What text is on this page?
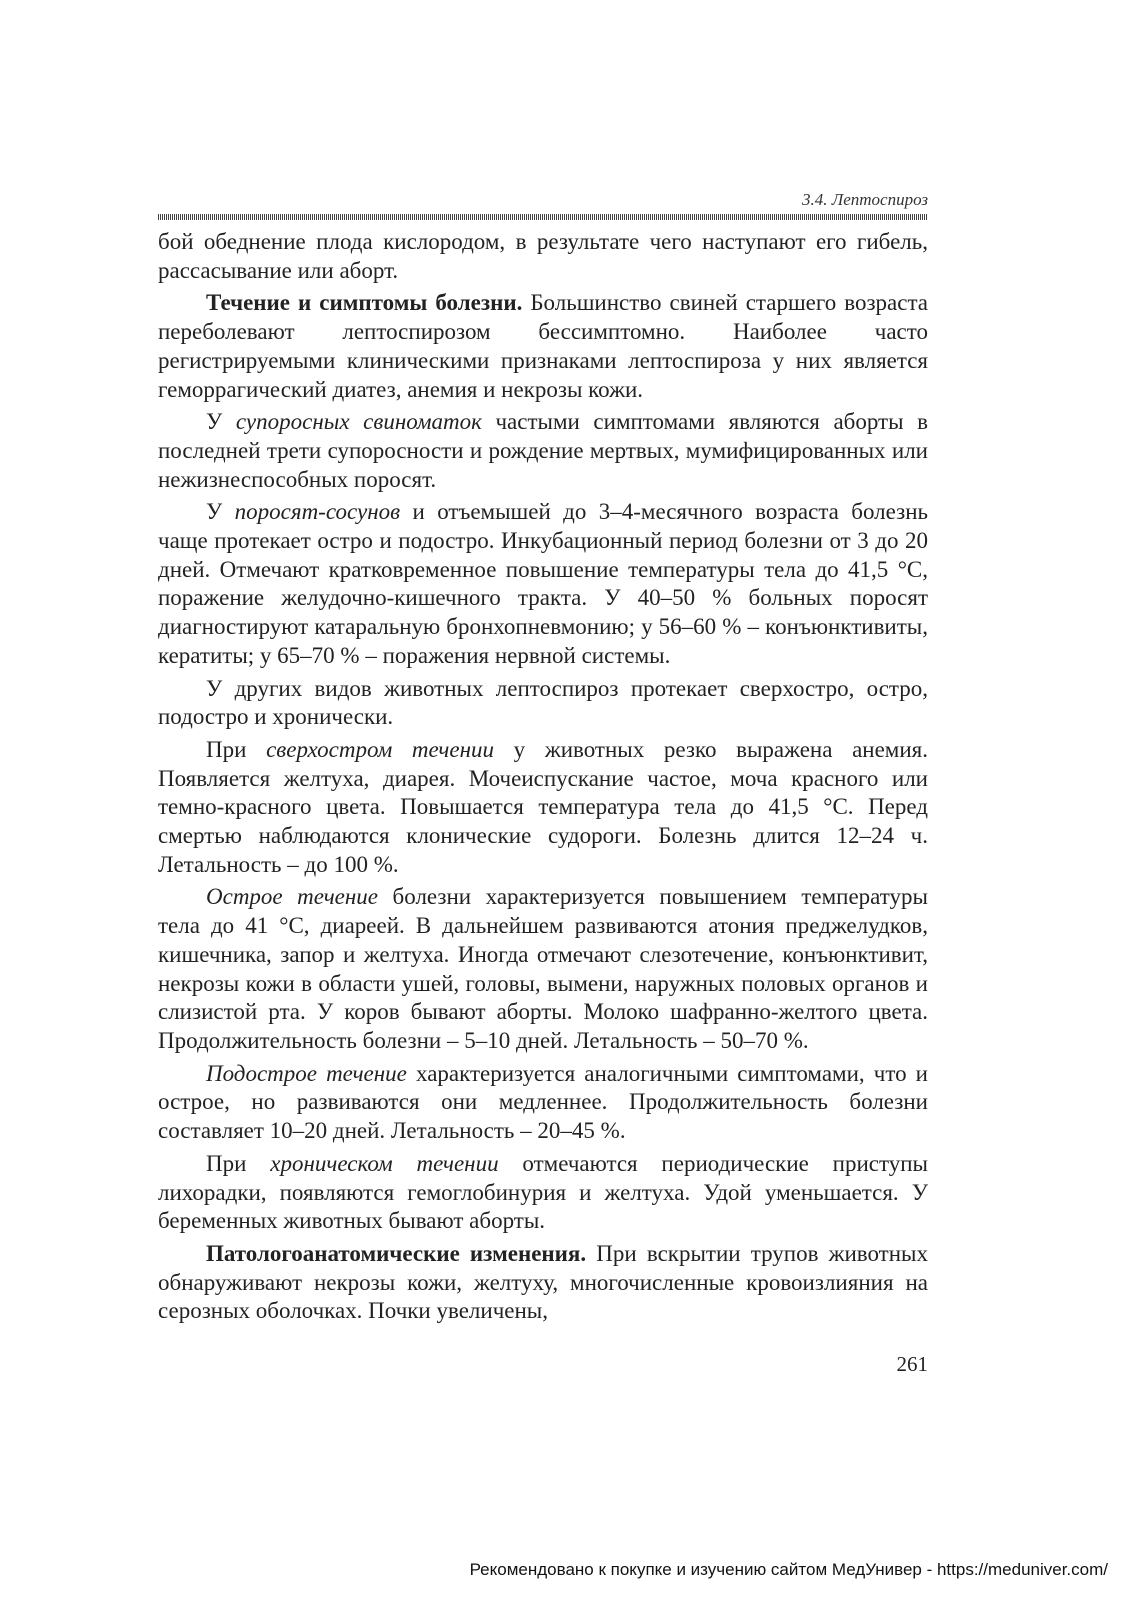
3.4. Лептоспироз

бой обеднение плода кислородом, в результате чего наступают его гибель, рассасывание или аборт.

Течение и симптомы болезни. Большинство свиней старшего возраста переболевают лептоспирозом бессимптомно. Наиболее часто регистрируемыми клиническими признаками лептоспироза у них является геморрагический диатез, анемия и некрозы кожи.

У супоросных свиноматок частыми симптомами являются аборты в последней трети супоросности и рождение мертвых, мумифицированных или нежизнеспособных поросят.

У поросят-сосунов и отъемышей до 3–4-месячного возраста болезнь чаще протекает остро и подостро. Инкубационный период болезни от 3 до 20 дней. Отмечают кратковременное повышение температуры тела до 41,5 °С, поражение желудочно-кишечного тракта. У 40–50 % больных поросят диагностируют катаральную бронхопневмонию; у 56–60 % – конъюнктивиты, кератиты; у 65–70 % – поражения нервной системы.

У других видов животных лептоспироз протекает сверхостро, остро, подостро и хронически.

При сверхостром течении у животных резко выражена анемия. Появляется желтуха, диарея. Мочеиспускание частое, моча красного или темно-красного цвета. Повышается температура тела до 41,5 °С. Перед смертью наблюдаются клонические судороги. Болезнь длится 12–24 ч. Летальность – до 100 %.

Острое течение болезни характеризуется повышением температуры тела до 41 °С, диареей. В дальнейшем развиваются атония преджелудков, кишечника, запор и желтуха. Иногда отмечают слезотечение, конъюнктивит, некрозы кожи в области ушей, головы, вымени, наружных половых органов и слизистой рта. У коров бывают аборты. Молоко шафранно-желтого цвета. Продолжительность болезни – 5–10 дней. Летальность – 50–70 %.

Подострое течение характеризуется аналогичными симптомами, что и острое, но развиваются они медленнее. Продолжительность болезни составляет 10–20 дней. Летальность – 20–45 %.

При хроническом течении отмечаются периодические приступы лихорадки, появляются гемоглобинурия и желтуха. Удой уменьшается. У беременных животных бывают аборты.

Патологоанатомические изменения. При вскрытии трупов животных обнаруживают некрозы кожи, желтуху, многочисленные кровоизлияния на серозных оболочках. Почки увеличены,

261
Рекомендовано к покупке и изучению сайтом МедУнивер - https://meduniver.com/
